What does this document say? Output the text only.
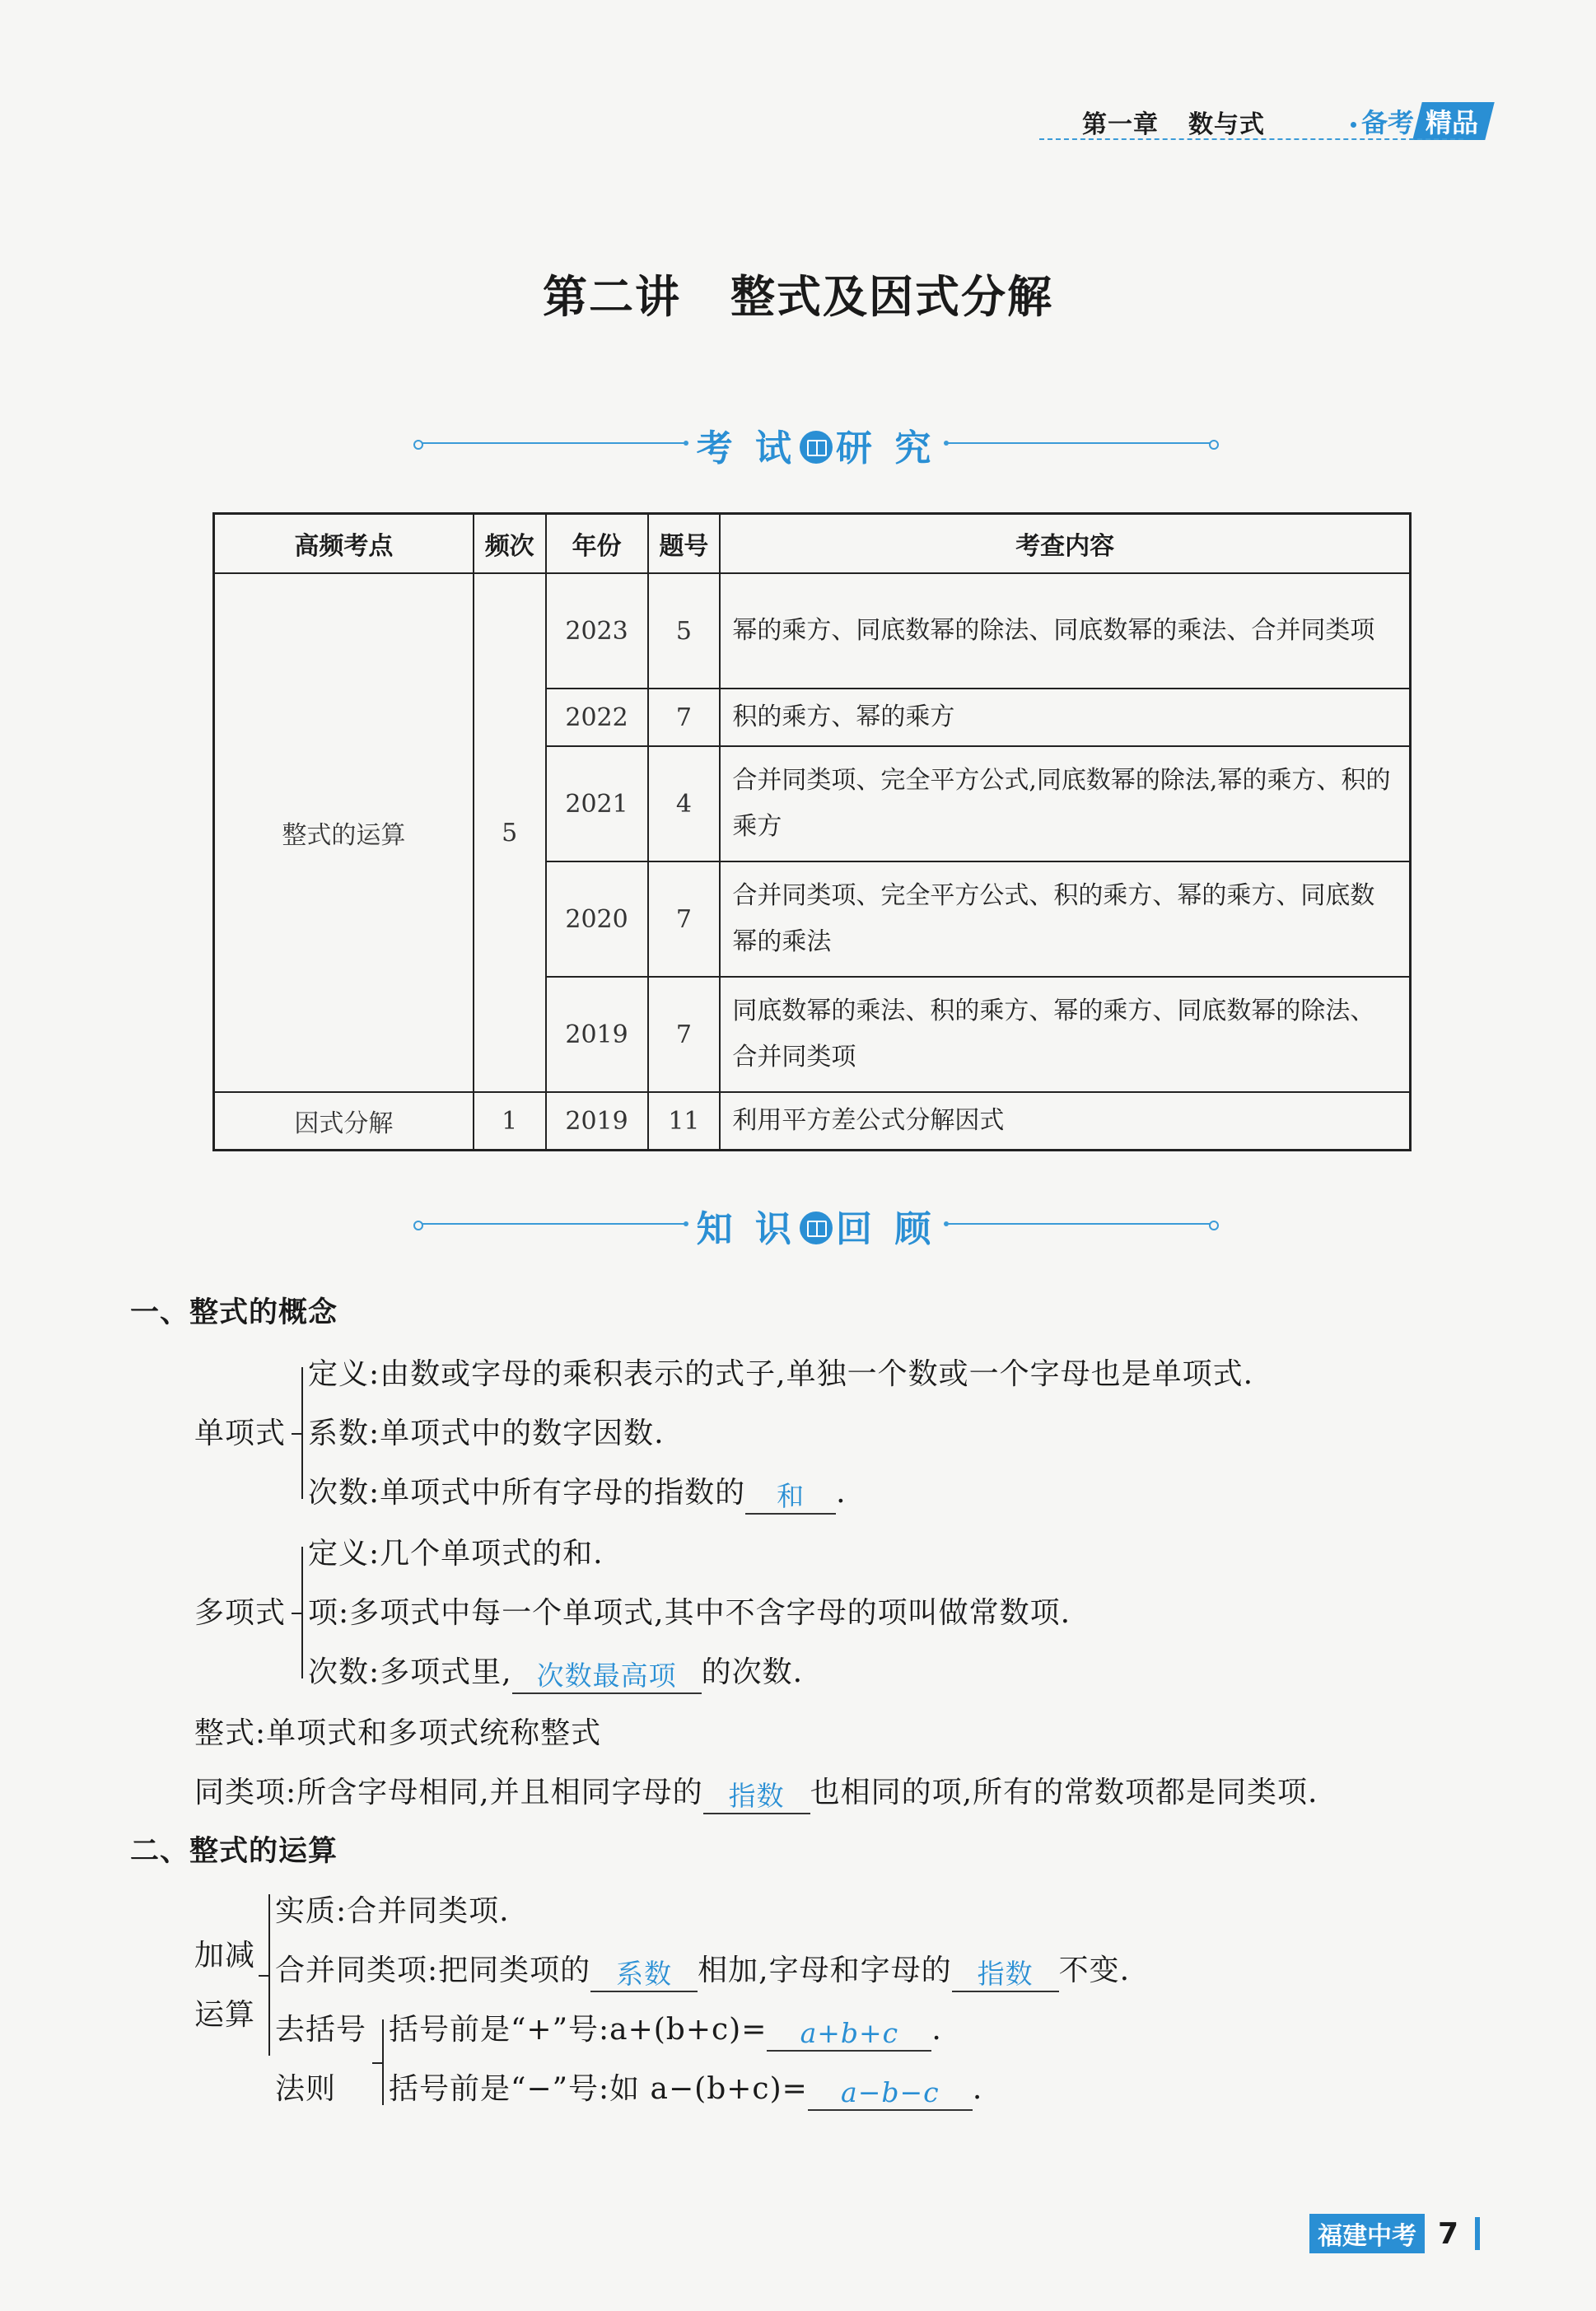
第一章 数与式	备考 精品
第二讲 整式及因式分解
考 试 研 究
高频考点	频次	年份	题号	考查内容
整式的运算	5	2023	5	幂的乘方、同底数幂的除法、同底数幂的乘法、合并同类项
		2022	7	积的乘方、幂的乘方
		2021	4	合并同类项、完全平方公式,同底数幂的除法,幂的乘方、积的乘方
		2020	7	合并同类项、完全平方公式、积的乘方、幂的乘方、同底数幂的乘法
		2019	7	同底数幂的乘法、积的乘方、幂的乘方、同底数幂的除法、合并同类项
因式分解	1	2019	11	利用平方差公式分解因式
知 识 回 顾
一、整式的概念
单项式
定义:由数或字母的乘积表示的式子,单独一个数或一个字母也是单项式.
系数:单项式中的数字因数.
次数:单项式中所有字母的指数的 和 .
多项式
定义:几个单项式的和.
项:多项式中每一个单项式,其中不含字母的项叫做常数项.
次数:多项式里, 次数最高项 的次数.
整式:单项式和多项式统称整式
同类项:所含字母相同,并且相同字母的 指数 也相同的项,所有的常数项都是同类项.
二、整式的运算
加减
运算
实质:合并同类项.
合并同类项:把同类项的 系数 相加,字母和字母的 指数 不变.
去括号
法则
括号前是“+”号:a+(b+c)= a+b+c .
括号前是“−”号:如 a−(b+c)= a−b−c .
福建中考 7
